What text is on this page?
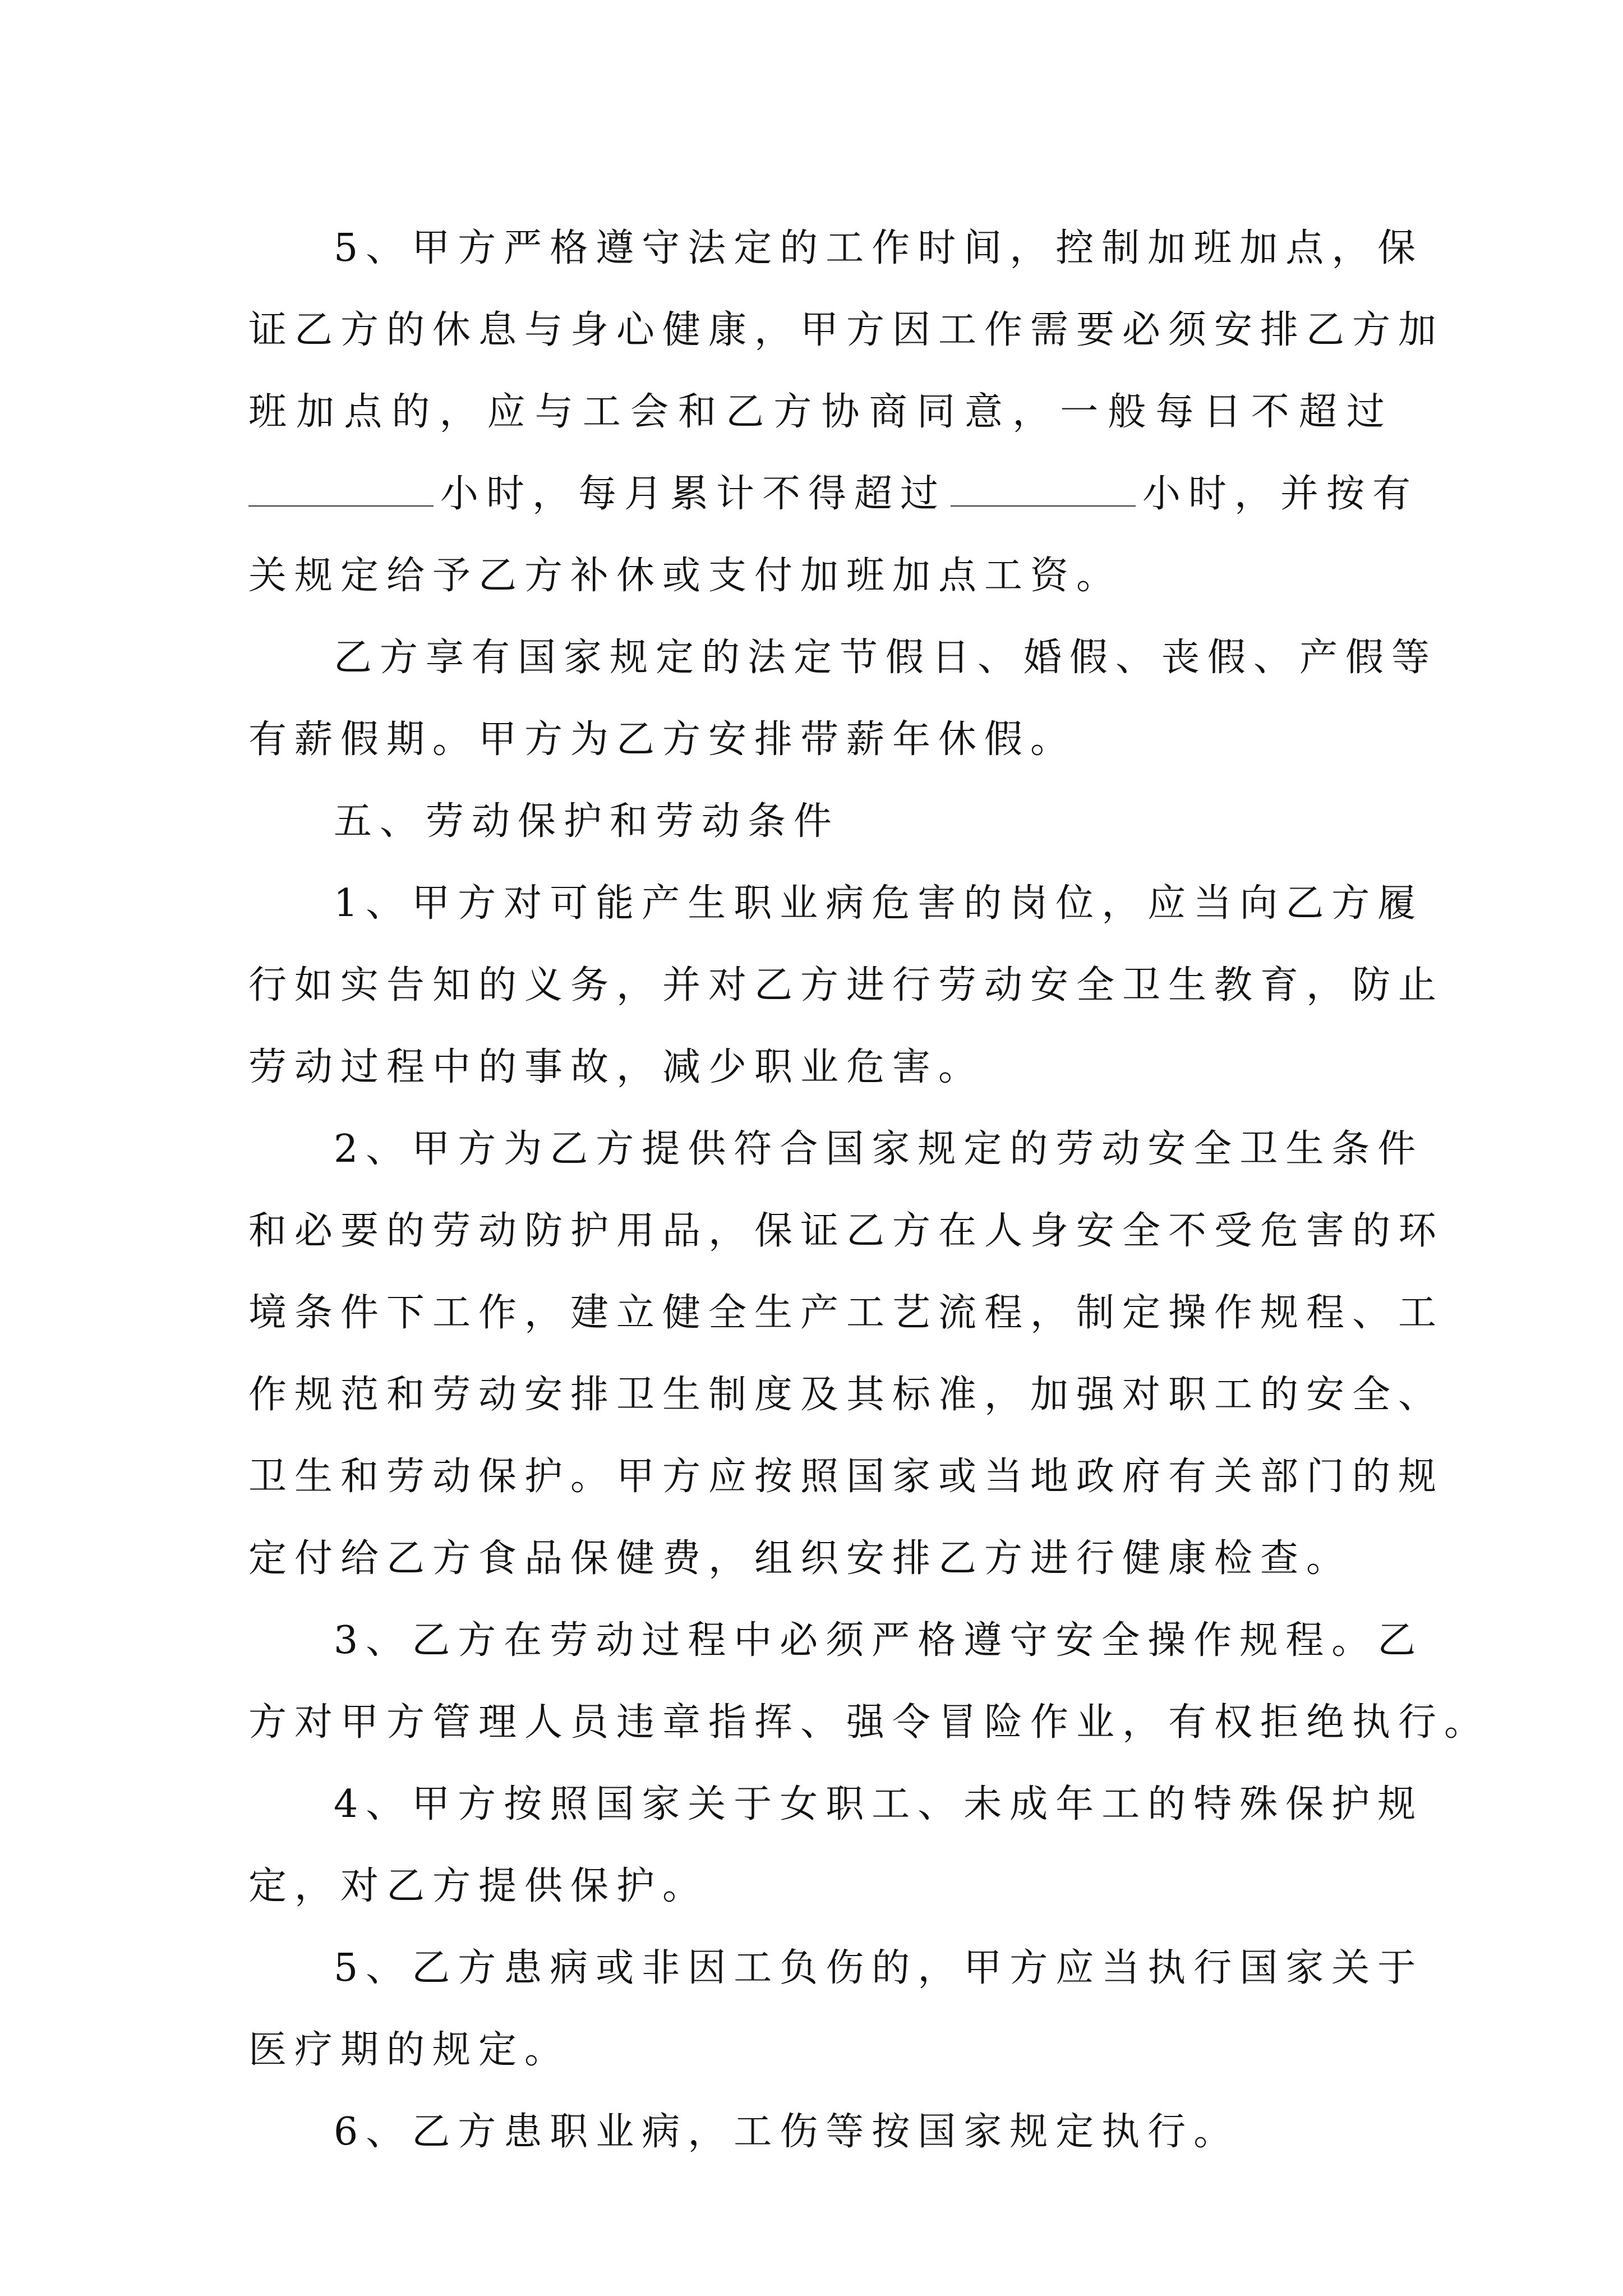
5、甲方严格遵守法定的工作时间，控制加班加点，保
证乙方的休息与身心健康，甲方因工作需要必须安排乙方加
班加点的，应与工会和乙方协商同意，一般每日不超过
小时，每月累计不得超过	小时，并按有
关规定给予乙方补休或支付加班加点工资。
乙方享有国家规定的法定节假日、婚假、丧假、产假等
有薪假期。甲方为乙方安排带薪年休假。
五、劳动保护和劳动条件
1、甲方对可能产生职业病危害的岗位，应当向乙方履
行如实告知的义务，并对乙方进行劳动安全卫生教育，防止
劳动过程中的事故，减少职业危害。
2、甲方为乙方提供符合国家规定的劳动安全卫生条件
和必要的劳动防护用品，保证乙方在人身安全不受危害的环
境条件下工作，建立健全生产工艺流程，制定操作规程、工
作规范和劳动安排卫生制度及其标准，加强对职工的安全、
卫生和劳动保护。甲方应按照国家或当地政府有关部门的规
定付给乙方食品保健费，组织安排乙方进行健康检查。
3、乙方在劳动过程中必须严格遵守安全操作规程。乙
方对甲方管理人员违章指挥、强令冒险作业，有权拒绝执行。
4、甲方按照国家关于女职工、未成年工的特殊保护规
定，对乙方提供保护。
5、乙方患病或非因工负伤的，甲方应当执行国家关于
医疗期的规定。
6、乙方患职业病，工伤等按国家规定执行。
